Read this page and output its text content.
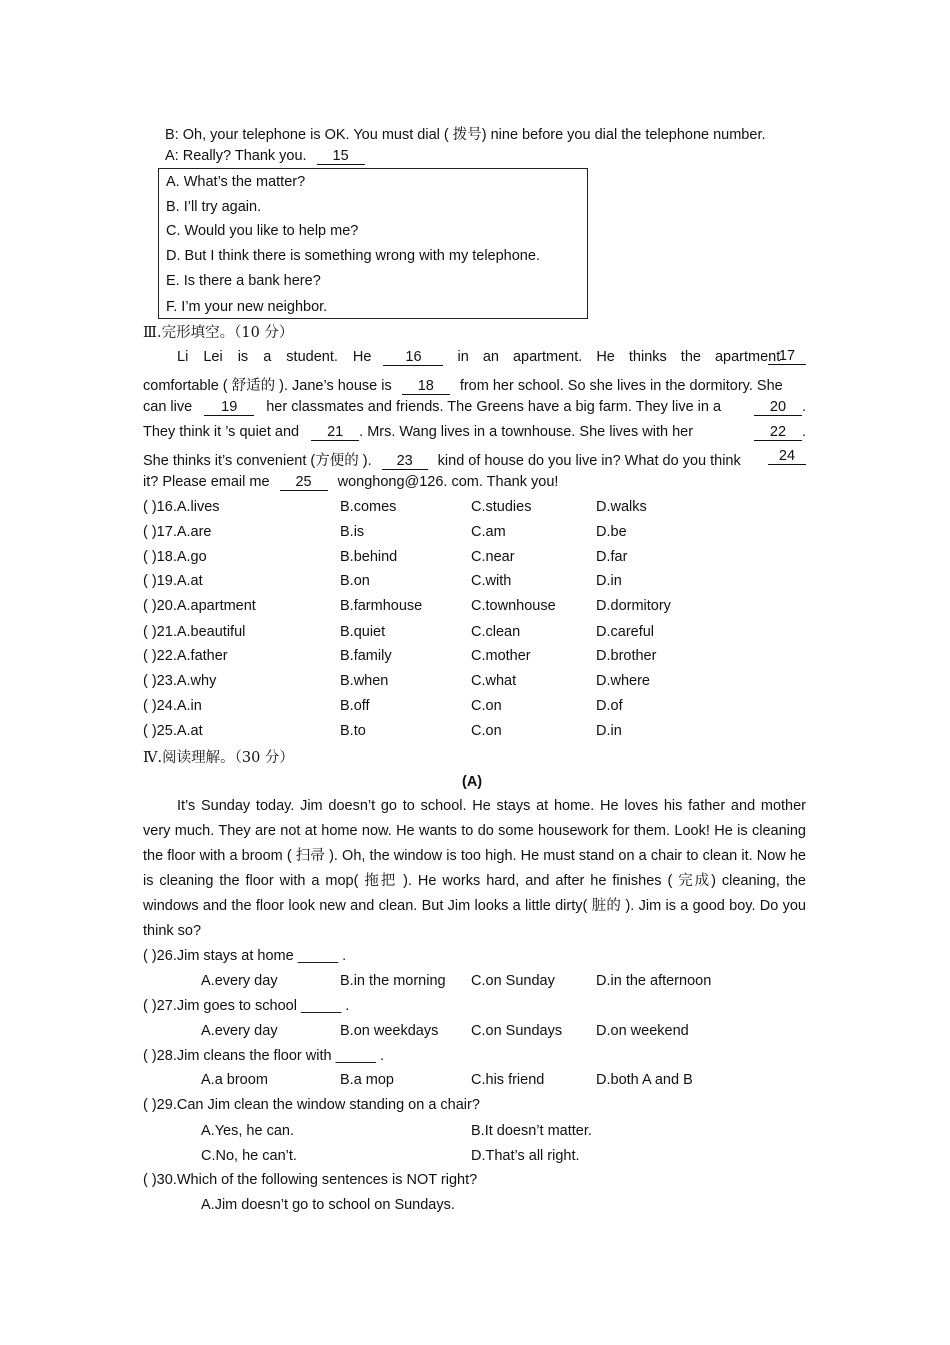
B: Oh, your telephone is OK. You must dial ( 拨号) nine before you dial the telephone number.
A: Really? Thank you. 15
A. What’s the matter?
B. I’ll try again.
C. Would you like to help me?
D. But I think there is something wrong with my telephone.
E. Is there a bank here?
F. I’m your new neighbor.
Ⅲ.完形填空。（10 分）
Li Lei is a student. He 16 in an apartment. He thinks the apartment
17
comfortable ( 舒适的 ). Jane’s house is 18 from her school. So she lives in the dormitory. She
can live 19 her classmates and friends. The Greens have a big farm. They live in a	20 .
They think it ’s quiet and 21 . Mrs. Wang lives in a townhouse. She lives with her	22 .
She thinks it’s convenient (方便的 ). 23 kind of house do you live in? What do you think	24
it? Please email me 25 wonghong@126. com. Thank you!
( )16.A.lives	B.comes	C.studies	D.walks
( )17.A.are	B.is	C.am	D.be
( )18.A.go	B.behind	C.near	D.far
( )19.A.at	B.on	C.with	D.in
( )20.A.apartment	B.farmhouse	C.townhouse	D.dormitory
( )21.A.beautiful	B.quiet	C.clean	D.careful
( )22.A.father	B.family	C.mother	D.brother
( )23.A.why	B.when	C.what	D.where
( )24.A.in	B.off	C.on	D.of
( )25.A.at	B.to	C.on	D.in
Ⅳ.阅读理解。（30 分）
(A)
It’s Sunday today. Jim doesn’t go to school. He stays at home. He loves his father and mother very much. They are not at home now. He wants to do some housework for them. Look! He is cleaning the floor with a broom ( 扫帚 ). Oh, the window is too high. He must stand on a chair to clean it. Now he is cleaning the floor with a mop( 拖把 ). He works hard, and after he finishes ( 完成) cleaning, the windows and the floor look new and clean. But Jim looks a little dirty( 脏的 ). Jim is a good boy. Do you think so?
( )26.Jim stays at home _____ .
A.every day	B.in the morning C.on Sunday	D.in the afternoon
( )27.Jim goes to school _____ .
A.every day	B.on weekdays C.on Sundays D.on weekend
( )28.Jim cleans the floor with _____ .
A.a broom	B.a mop	C.his friend	D.both A and B
( )29.Can Jim clean the window standing on a chair?
A.Yes, he can.	B.It doesn’t matter.
C.No, he can’t.	D.That’s all right.
( )30.Which of the following sentences is NOT right?
A.Jim doesn’t go to school on Sundays.
